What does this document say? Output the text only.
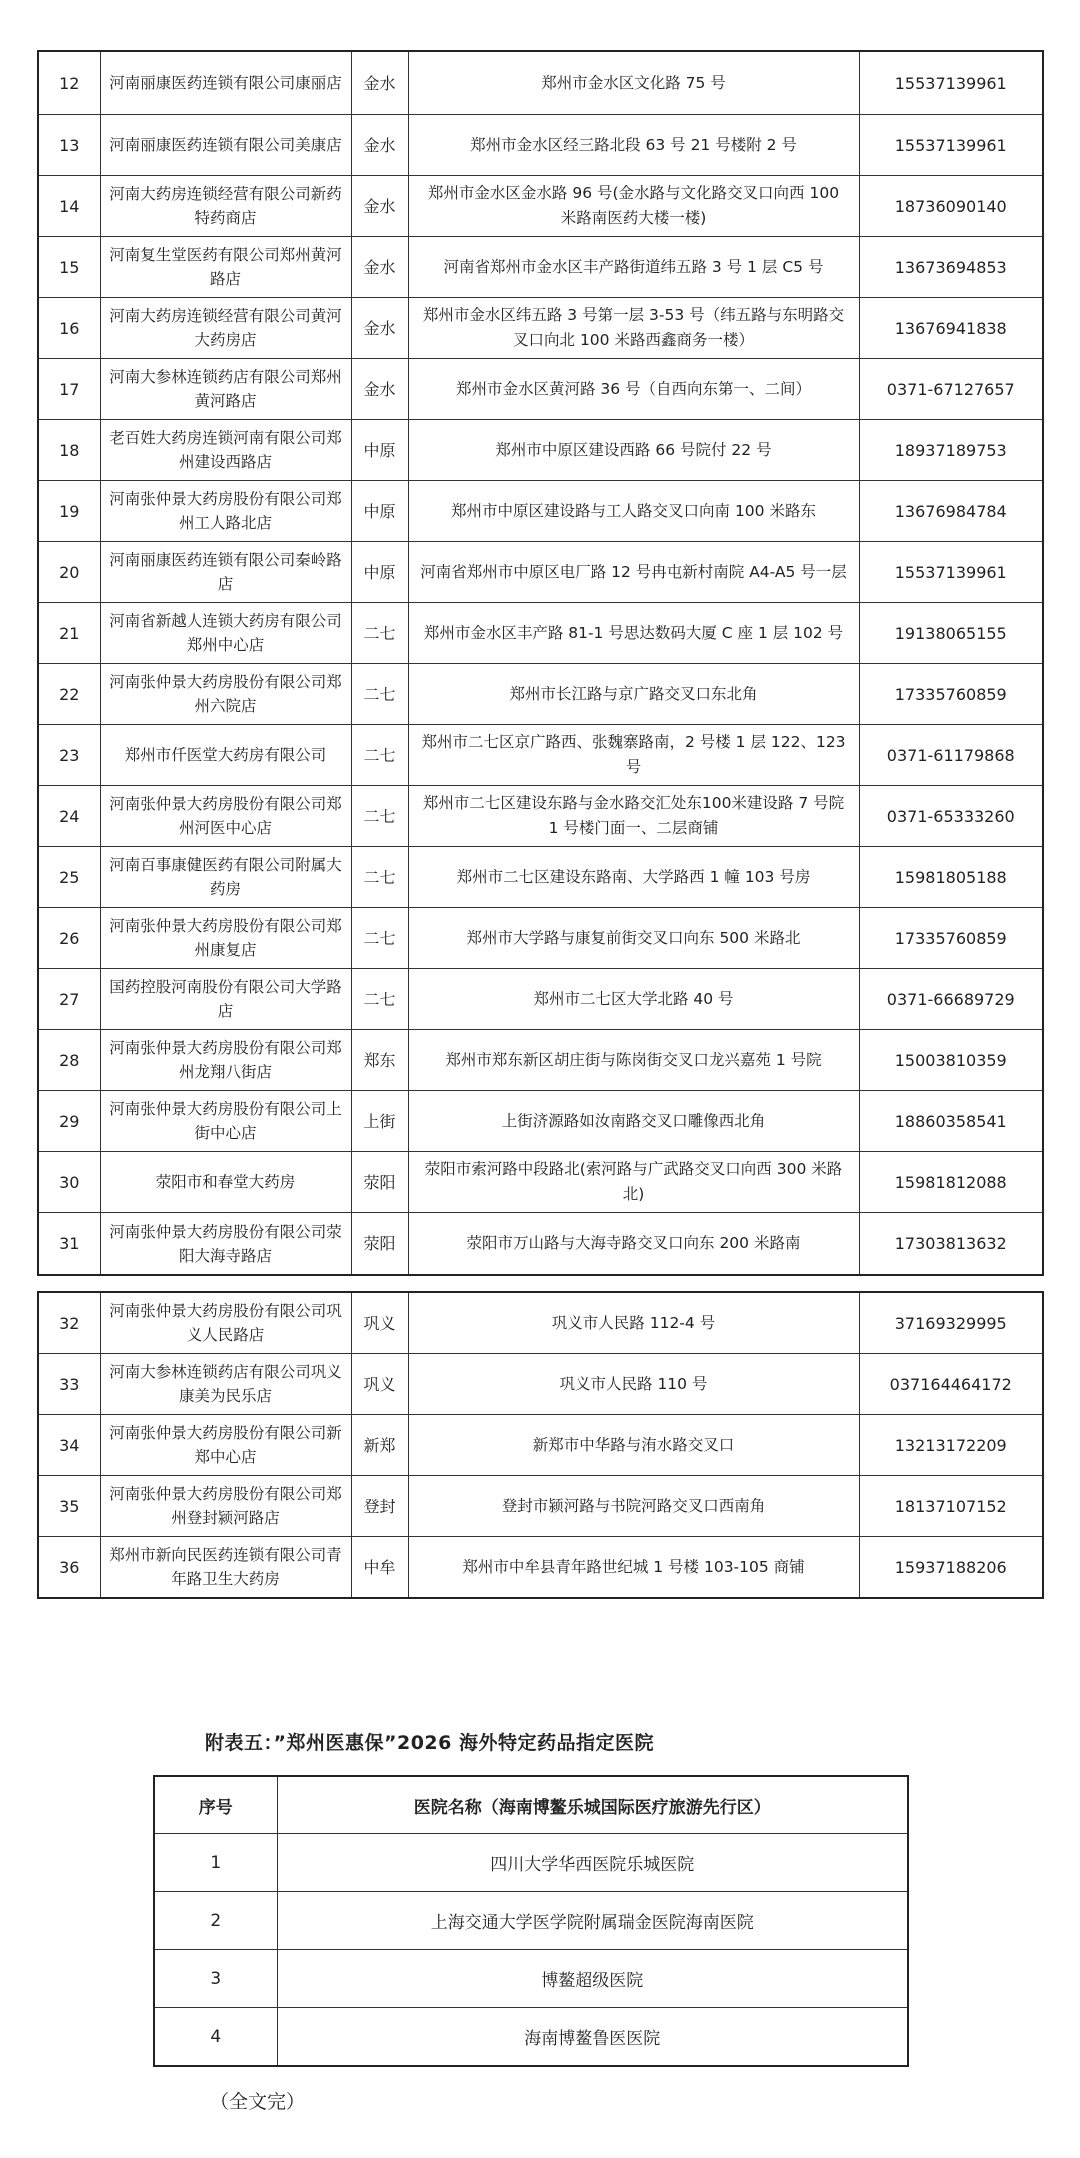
12	河南丽康医药连锁有限公司康丽店	金水	郑州市金水区文化路 75 号	15537139961
13	河南丽康医药连锁有限公司美康店	金水	郑州市金水区经三路北段 63 号 21 号楼附 2 号	15537139961
14	河南大药房连锁经营有限公司新药特药商店	金水	郑州市金水区金水路 96 号(金水路与文化路交叉口向西 100 米路南医药大楼一楼)	18736090140
15	河南复生堂医药有限公司郑州黄河路店	金水	河南省郑州市金水区丰产路街道纬五路 3 号 1 层 C5 号	13673694853
16	河南大药房连锁经营有限公司黄河大药房店	金水	郑州市金水区纬五路 3 号第一层 3-53 号（纬五路与东明路交叉口向北 100 米路西鑫商务一楼）	13676941838
17	河南大参林连锁药店有限公司郑州黄河路店	金水	郑州市金水区黄河路 36 号（自西向东第一、二间）	0371-67127657
18	老百姓大药房连锁河南有限公司郑州建设西路店	中原	郑州市中原区建设西路 66 号院付 22 号	18937189753
19	河南张仲景大药房股份有限公司郑州工人路北店	中原	郑州市中原区建设路与工人路交叉口向南 100 米路东	13676984784
20	河南丽康医药连锁有限公司秦岭路店	中原	河南省郑州市中原区电厂路 12 号冉屯新村南院 A4-A5 号一层	15537139961
21	河南省新越人连锁大药房有限公司郑州中心店	二七	郑州市金水区丰产路 81-1 号思达数码大厦 C 座 1 层 102 号	19138065155
22	河南张仲景大药房股份有限公司郑州六院店	二七	郑州市长江路与京广路交叉口东北角	17335760859
23	郑州市仟医堂大药房有限公司	二七	郑州市二七区京广路西、张魏寨路南，2 号楼 1 层 122、123 号	0371-61179868
24	河南张仲景大药房股份有限公司郑州河医中心店	二七	郑州市二七区建设东路与金水路交汇处东100米建设路 7 号院 1 号楼门面一、二层商铺	0371-65333260
25	河南百事康健医药有限公司附属大药房	二七	郑州市二七区建设东路南、大学路西 1 幢 103 号房	15981805188
26	河南张仲景大药房股份有限公司郑州康复店	二七	郑州市大学路与康复前街交叉口向东 500 米路北	17335760859
27	国药控股河南股份有限公司大学路店	二七	郑州市二七区大学北路 40 号	0371-66689729
28	河南张仲景大药房股份有限公司郑州龙翔八街店	郑东	郑州市郑东新区胡庄街与陈岗街交叉口龙兴嘉苑 1 号院	15003810359
29	河南张仲景大药房股份有限公司上街中心店	上街	上街济源路如汝南路交叉口雕像西北角	18860358541
30	荥阳市和春堂大药房	荥阳	荥阳市索河路中段路北(索河路与广武路交叉口向西 300 米路北)	15981812088
31	河南张仲景大药房股份有限公司荥阳大海寺路店	荥阳	荥阳市万山路与大海寺路交叉口向东 200 米路南	17303813632
32	河南张仲景大药房股份有限公司巩义人民路店	巩义	巩义市人民路 112-4 号	37169329995
33	河南大参林连锁药店有限公司巩义康美为民乐店	巩义	巩义市人民路 110 号	037164464172
34	河南张仲景大药房股份有限公司新郑中心店	新郑	新郑市中华路与洧水路交叉口	13213172209
35	河南张仲景大药房股份有限公司郑州登封颍河路店	登封	登封市颍河路与书院河路交叉口西南角	18137107152
36	郑州市新向民医药连锁有限公司青年路卫生大药房	中牟	郑州市中牟县青年路世纪城 1 号楼 103-105 商铺	15937188206
附表五：”郑州医惠保”2026 海外特定药品指定医院
序号	医院名称（海南博鳌乐城国际医疗旅游先行区）
1	四川大学华西医院乐城医院
2	上海交通大学医学院附属瑞金医院海南医院
3	博鳌超级医院
4	海南博鳌鲁医医院
（全文完）
